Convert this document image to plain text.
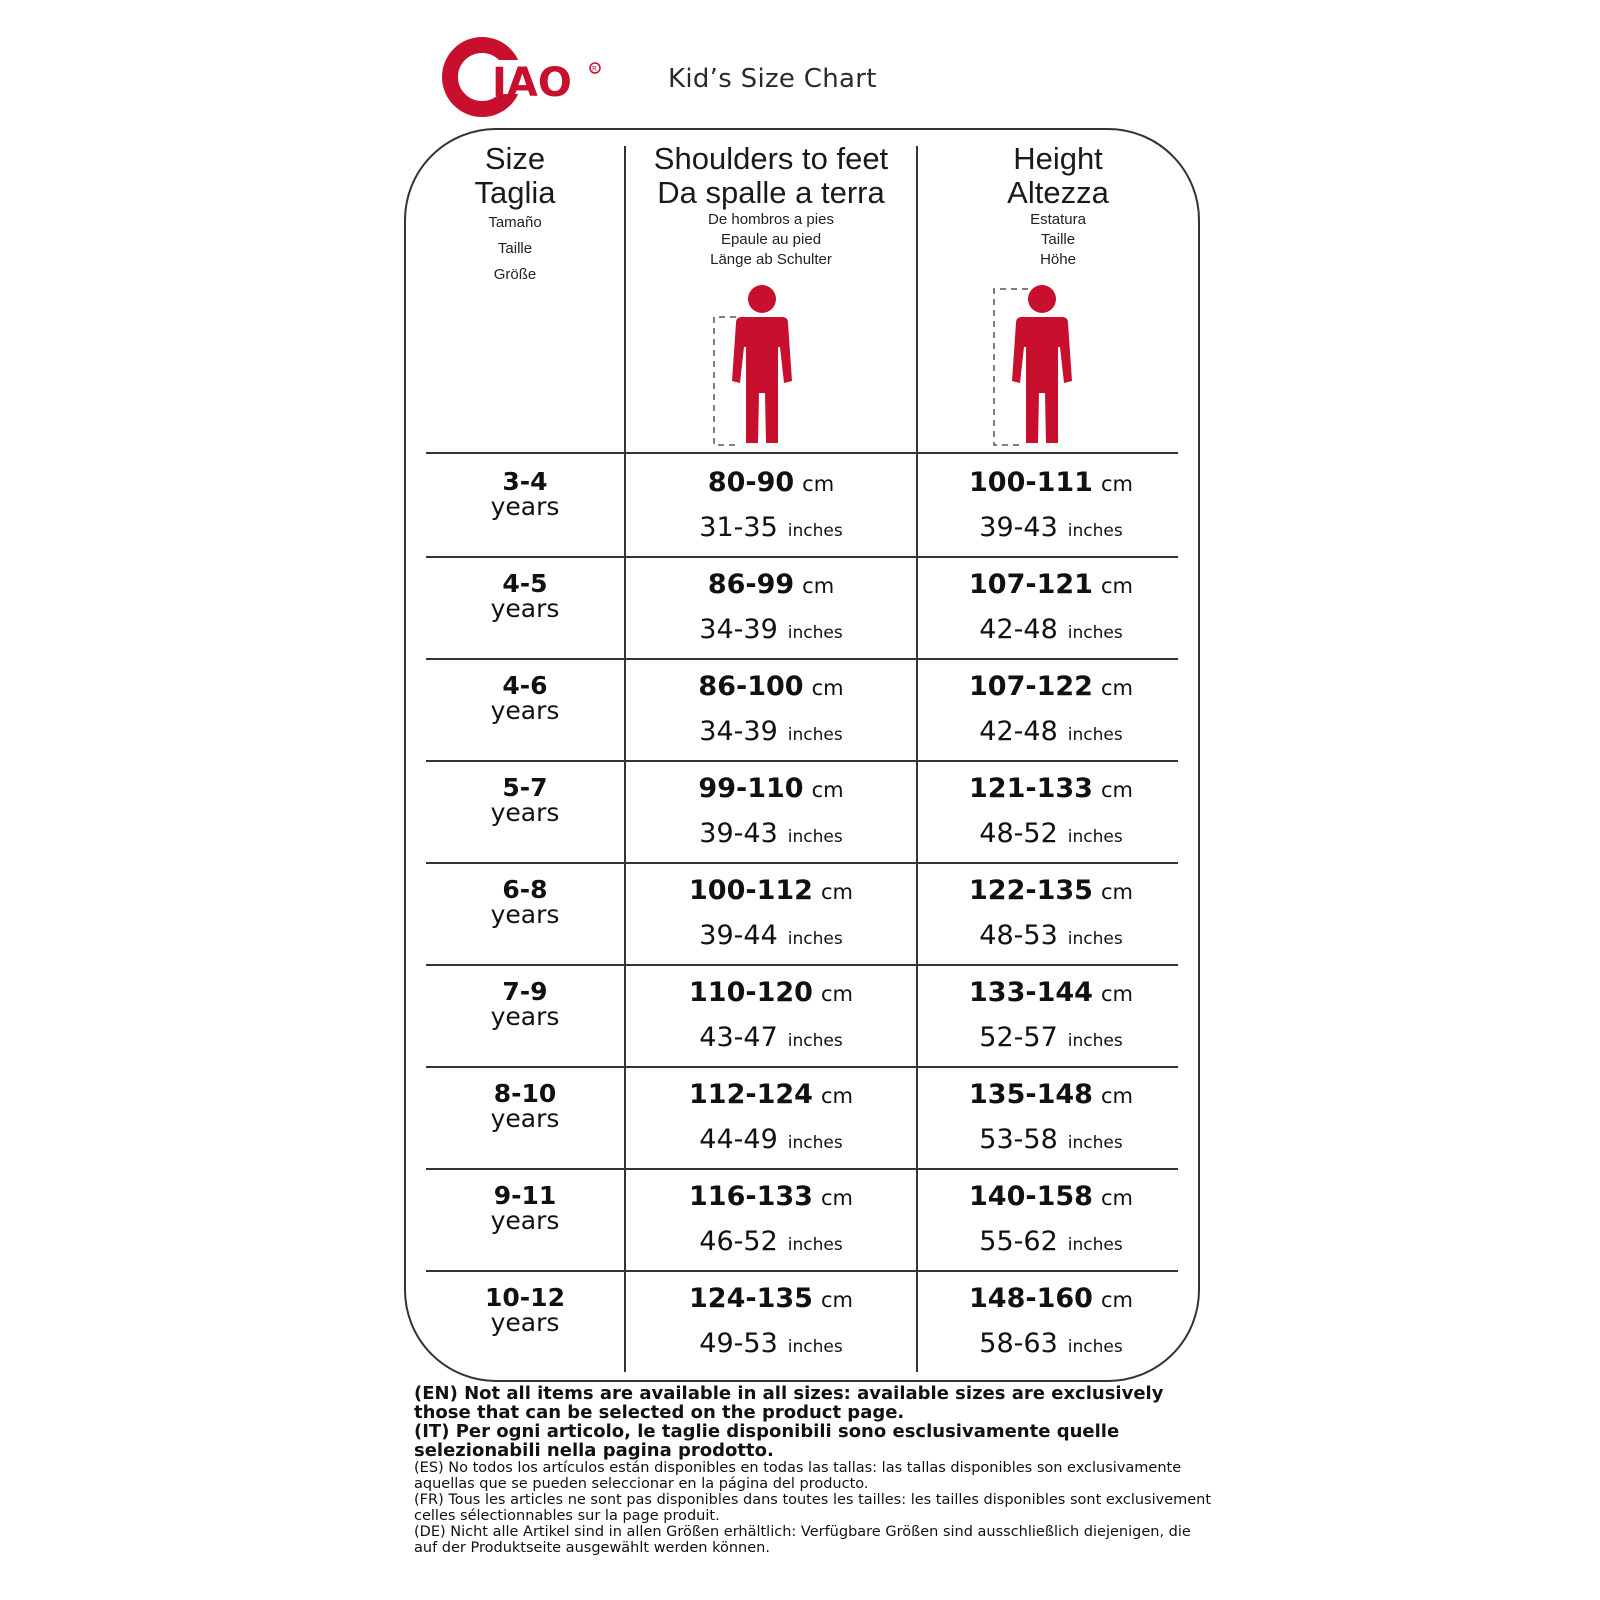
IAO	R	Kid’s Size Chart
Size
Taglia
Tamaño
Taille
Größe
Shoulders to feet
Da spalle a terra
De hombros a pies
Epaule au pied
Länge ab Schulter
Height
Altezza
Estatura
Taille
Höhe
3-4
years
80-90 cm
31-35 inches
100-111 cm
39-43 inches
4-5
years
86-99 cm
34-39 inches
107-121 cm
42-48 inches
4-6
years
86-100 cm
34-39 inches
107-122 cm
42-48 inches
5-7
years
99-110 cm
39-43 inches
121-133 cm
48-52 inches
6-8
years
100-112 cm
39-44 inches
122-135 cm
48-53 inches
7-9
years
110-120 cm
43-47 inches
133-144 cm
52-57 inches
8-10
years
112-124 cm
44-49 inches
135-148 cm
53-58 inches
9-11
years
116-133 cm
46-52 inches
140-158 cm
55-62 inches
10-12
years
124-135 cm
49-53 inches
148-160 cm
58-63 inches

(EN) Not all items are available in all sizes: available sizes are exclusively those that can be selected on the product page.

(IT) Per ogni articolo, le taglie disponibili sono esclusivamente quelle selezionabili nella pagina prodotto.

(ES) No todos los artículos están disponibles en todas las tallas: las tallas disponibles son exclusivamente aquellas que se pueden seleccionar en la página del producto.

(FR) Tous les articles ne sont pas disponibles dans toutes les tailles: les tailles disponibles sont exclusivement celles sélectionnables sur la page produit.

(DE) Nicht alle Artikel sind in allen Größen erhältlich: Verfügbare Größen sind ausschließlich diejenigen, die auf der Produktseite ausgewählt werden können.
